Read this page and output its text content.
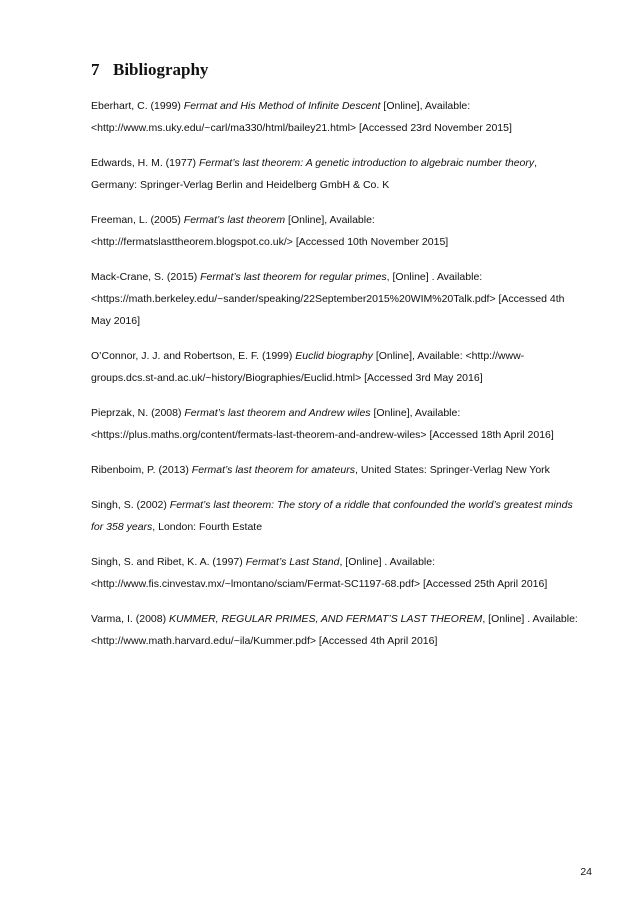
7 Bibliography
Eberhart, C. (1999) Fermat and His Method of Infinite Descent [Online], Available:
<http://www.ms.uky.edu/~carl/ma330/html/bailey21.html> [Accessed 23rd November 2015]
Edwards, H. M. (1977) Fermat’s last theorem: A genetic introduction to algebraic number theory,
Germany: Springer-Verlag Berlin and Heidelberg GmbH & Co. K
Freeman, L. (2005) Fermat’s last theorem [Online], Available:
<http://fermatslasttheorem.blogspot.co.uk/> [Accessed 10th November 2015]
Mack-Crane, S. (2015) Fermat’s last theorem for regular primes, [Online] . Available:
<https://math.berkeley.edu/~sander/speaking/22September2015%20WIM%20Talk.pdf> [Accessed 4th
May 2016]
O’Connor, J. J. and Robertson, E. F. (1999) Euclid biography [Online], Available: <http://www-
groups.dcs.st-and.ac.uk/~history/Biographies/Euclid.html> [Accessed 3rd May 2016]
Pieprzak, N. (2008) Fermat’s last theorem and Andrew wiles [Online], Available:
<https://plus.maths.org/content/fermats-last-theorem-and-andrew-wiles> [Accessed 18th April 2016]
Ribenboim, P. (2013) Fermat’s last theorem for amateurs, United States: Springer-Verlag New York
Singh, S. (2002) Fermat’s last theorem: The story of a riddle that confounded the world’s greatest minds
for 358 years, London: Fourth Estate
Singh, S. and Ribet, K. A. (1997) Fermat’s Last Stand, [Online] . Available:
<http://www.fis.cinvestav.mx/~lmontano/sciam/Fermat-SC1197-68.pdf> [Accessed 25th April 2016]
Varma, I. (2008) KUMMER, REGULAR PRIMES, AND FERMAT’S LAST THEOREM, [Online] . Available:
<http://www.math.harvard.edu/~ila/Kummer.pdf> [Accessed 4th April 2016]
24
